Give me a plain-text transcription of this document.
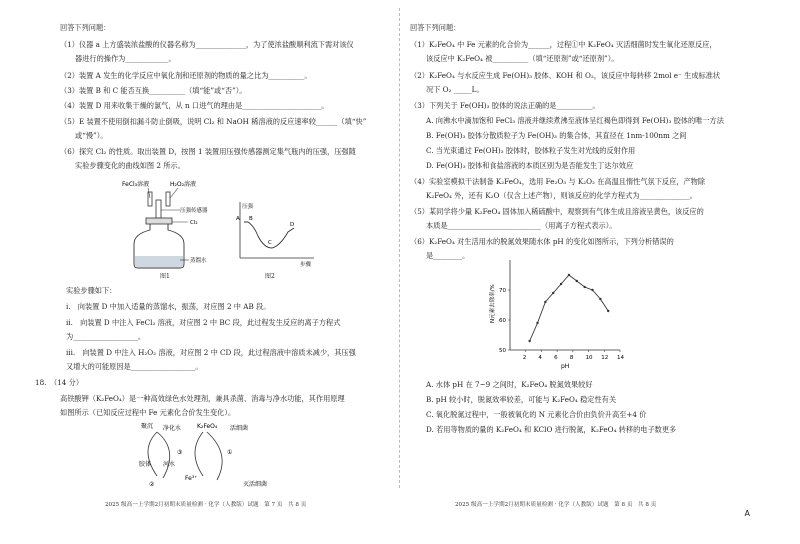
回答下列问题：
（1）仪器 a 上方盛装浓盐酸的仪器名称为______________，为了使浓盐酸顺利流下需对该仪
器进行的操作为____________。
（2）装置 A 发生的化学反应中氧化剂和还原剂的物质的量之比为__________。
（3）装置 B 和 C 能否互换__________（填“能”或“否”）。
（4）装置 D 用来收集干燥的氯气，从 n 口进气的理由是______________________。
（5）E 装置不使用倒扣漏斗防止倒吸，说明 Cl₂ 和 NaOH 稀溶液的反应速率较______（填“快”
或“慢”）。
（6）探究 Cl₂ 的性质。取出装置 D，按图 1 装置用压强传感器测定集气瓶内的压强，压强随
实验步骤变化的曲线如图 2 所示。
FeCl₃溶液	H₂O₂溶液
压强传感器
Cl₂
蒸馏水
图1
压强
步骤
A B
C
D
图2
实验步骤如下：
i.　向装置 D 中加入适量的蒸馏水，振荡，对应图 2 中 AB 段。
ii.　向装置 D 中注入 FeCl₂ 溶液，对应图 2 中 BC 段，此过程发生反应的离子方程式
为__________________。
iii.　向装置 D 中注入 H₂O₂ 溶液，对应图 2 中 CD 段，此过程溶液中溶质未减少，其压强
又增大的可能原因是__________________。
18.　（14 分）
高铁酸钾（K₂FeO₄）是一种高效绿色水处理剂，兼具杀菌、消毒与净水功能，其作用原理
如图所示（已知反应过程中 Fe 元素化合价发生变化）。
聚沉 净化水	K₂FeO₄ 活细菌
③	①
胶体 河水
②
Fe³⁺
灭活细菌
2025 级高一上学期2月初期末质量检测 · 化学（人教版）试题　第 7 页　共 8 页
回答下列问题：
（1）K₂FeO₄ 中 Fe 元素的化合价为______，过程①中 K₂FeO₄ 灭活细菌时发生氧化还原反应，
该反应中 K₂FeO₄ 被__________（填“还原剂”或“还原剂”）。
（2）K₂FeO₄ 与水反应生成 Fe(OH)₃ 胶体、KOH 和 O₂，该反应中每转移 2mol e⁻ 生成标准状
况下 O₂ _____L。
（3）下列关于 Fe(OH)₃ 胶体的说法正确的是__________。
A. 向沸水中滴加饱和 FeCl₃ 溶液并继续煮沸至液体呈红褐色即得到 Fe(OH)₃ 胶体的唯一方法
B. Fe(OH)₃ 胶体分散质粒子为 Fe(OH)₃ 的集合体，其直径在 1nm-100nm 之间
C. 当光束通过 Fe(OH)₃ 胶体时，胶体粒子发生对光线的反射作用
D. Fe(OH)₃ 胶体和食盐溶液的本质区别为是否能发生丁达尔效应
（4）实验室模拟干法制备 K₂FeO₄，选用 Fe₂O₃ 与 K₂O₂ 在高温且惰性气氛下反应，产物除
K₂FeO₄ 外，还有 K₂O（仅含上述产物），则该反应的化学方程式为______________。
（5）某同学将少量 K₂FeO₄ 固体加入稀硫酸中，观察到有气体生成且溶液呈黄色，该反应的
本质是__________________________（用离子方程式表示）。
（6）K₂FeO₄ 对生活用水的脱氮效果随水体 pH 的变化如图所示，下列分析错误的
是________。
2 4 6 8 10 12 14
50
60
70
N元素去除率/%
pH
A. 水体 pH 在 7~9 之间时，K₂FeO₄ 脱氮效果较好
B. pH 较小时，脱氮效率较差，可能与 K₂FeO₄ 稳定性有关
C. 氧化脱氮过程中，一般被氧化的 N 元素化合价由负价升高至+4 价
D. 若用等物质的量的 K₂FeO₄ 和 KClO 进行脱氮，K₂FeO₄ 转移的电子数更多
2025 级高一上学期2月初期末质量检测 · 化学（人教版）试题　第 8 页　共 8 页
A
